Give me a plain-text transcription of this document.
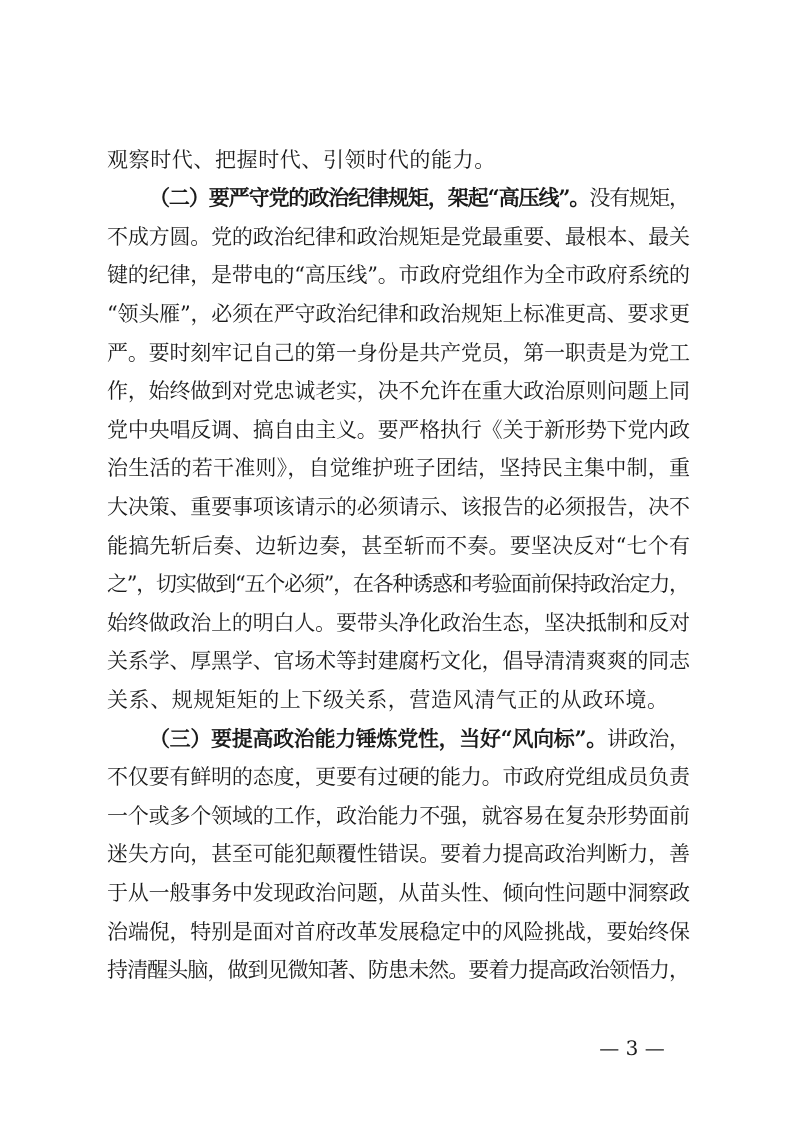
观察时代、把握时代、引领时代的能力。
（二）要严守党的政治纪律规矩，架起“高压线”。没有规矩，
不成方圆。党的政治纪律和政治规矩是党最重要、最根本、最关
键的纪律，是带电的“高压线”。市政府党组作为全市政府系统的
“领头雁”，必须在严守政治纪律和政治规矩上标准更高、要求更
严。要时刻牢记自己的第一身份是共产党员，第一职责是为党工
作，始终做到对党忠诚老实，决不允许在重大政治原则问题上同
党中央唱反调、搞自由主义。要严格执行《关于新形势下党内政
治生活的若干准则》，自觉维护班子团结，坚持民主集中制，重
大决策、重要事项该请示的必须请示、该报告的必须报告，决不
能搞先斩后奏、边斩边奏，甚至斩而不奏。要坚决反对“七个有
之”，切实做到“五个必须”，在各种诱惑和考验面前保持政治定力，
始终做政治上的明白人。要带头净化政治生态，坚决抵制和反对
关系学、厚黑学、官场术等封建腐朽文化，倡导清清爽爽的同志
关系、规规矩矩的上下级关系，营造风清气正的从政环境。
（三）要提高政治能力锤炼党性，当好“风向标”。讲政治，
不仅要有鲜明的态度，更要有过硬的能力。市政府党组成员负责
一个或多个领域的工作，政治能力不强，就容易在复杂形势面前
迷失方向，甚至可能犯颠覆性错误。要着力提高政治判断力，善
于从一般事务中发现政治问题，从苗头性、倾向性问题中洞察政
治端倪，特别是面对首府改革发展稳定中的风险挑战，要始终保
持清醒头脑，做到见微知著、防患未然。要着力提高政治领悟力，
— 3 —
